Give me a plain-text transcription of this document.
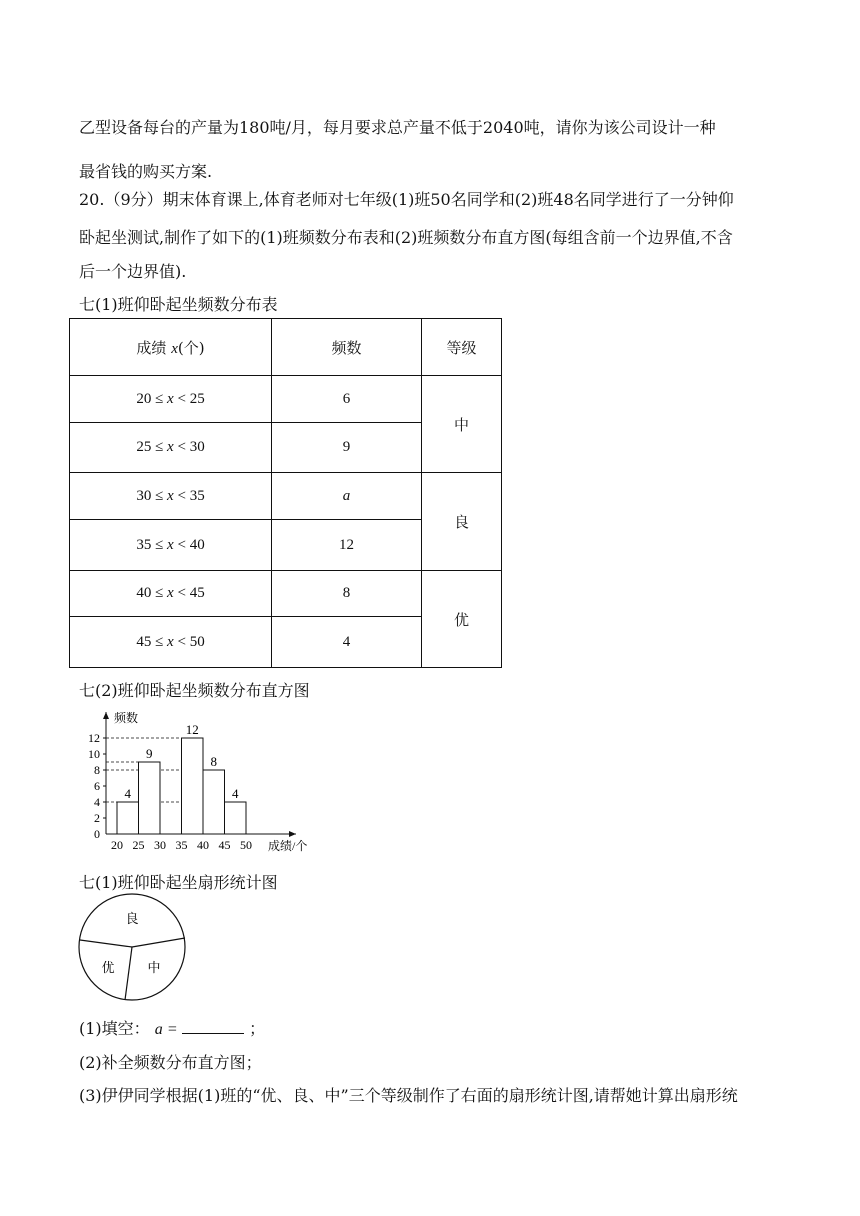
乙型设备每台的产量为180吨/月，每月要求总产量不低于2040吨，请你为该公司设计一种
最省钱的购买方案.
20.（9分）期末体育课上,体育老师对七年级(1)班50名同学和(2)班48名同学进行了一分钟仰
卧起坐测试,制作了如下的(1)班频数分布表和(2)班频数分布直方图(每组含前一个边界值,不含
后一个边界值).
七(1)班仰卧起坐频数分布表
成绩 x(个)	频数	等级
20 ≤ x < 25	6	中
25 ≤ x < 30	9	
30 ≤ x < 35	a	良
35 ≤ x < 40	12	
40 ≤ x < 45	8	优
45 ≤ x < 50	4	
七(2)班仰卧起坐频数分布直方图
0
2
4
6
8
10
12
4
9
12
8
4
20 25 30 35 40 45 50
频数
成绩/个
七(1)班仰卧起坐扇形统计图
良
优	中
(1)填空： a =	；
(2)补全频数分布直方图；
(3)伊伊同学根据(1)班的“优、良、中”三个等级制作了右面的扇形统计图,请帮她计算出扇形统
